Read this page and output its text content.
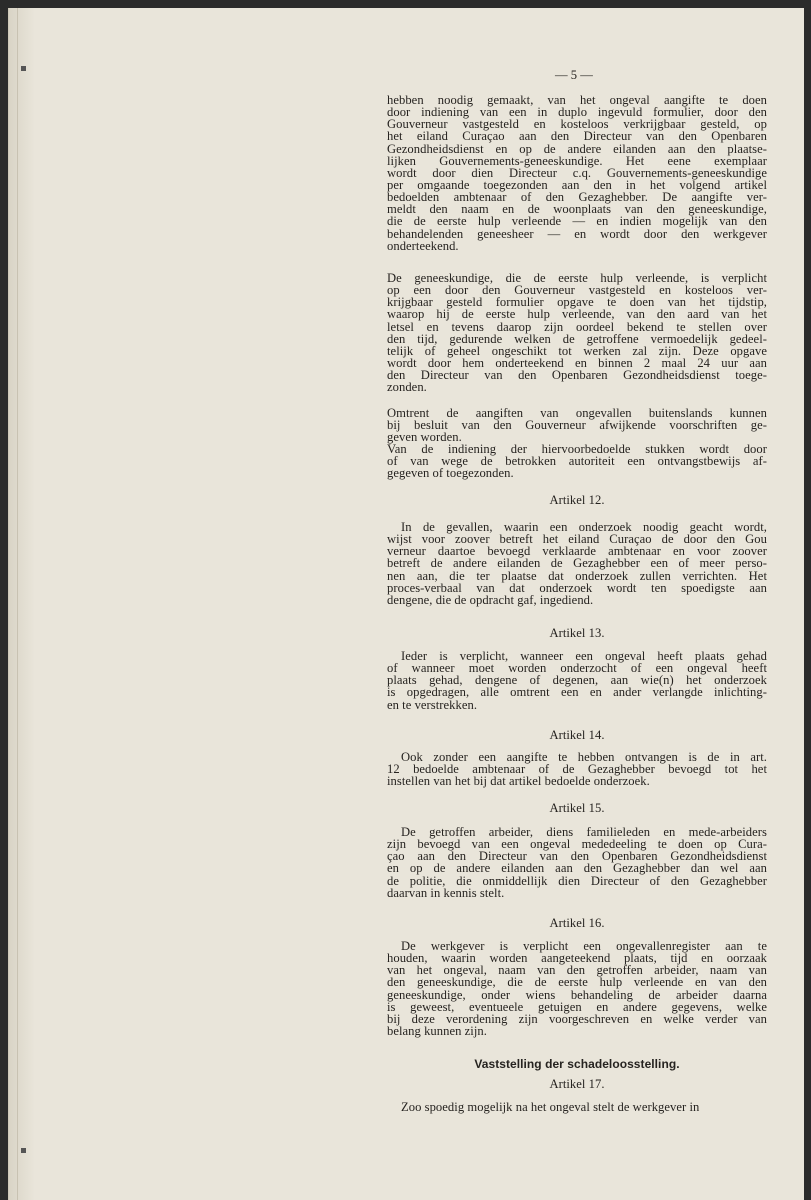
— 5 —
hebben noodig gemaakt, van het ongeval aangifte te doen
door indiening van een in duplo ingevuld formulier, door den
Gouverneur vastgesteld en kosteloos verkrijgbaar gesteld, op
het eiland Curaçao aan den Directeur van den Openbaren
Gezondheidsdienst en op de andere eilanden aan den plaatse-
lijken Gouvernements-geneeskundige. Het eene exemplaar
wordt door dien Directeur c.q. Gouvernements-geneeskundige
per omgaande toegezonden aan den in het volgend artikel
bedoelden ambtenaar of den Gezaghebber. De aangifte ver-
meldt den naam en de woonplaats van den geneeskundige,
die de eerste hulp verleende — en indien mogelijk van den
behandelenden geneesheer — en wordt door den werkgever
onderteekend.
De geneeskundige, die de eerste hulp verleende, is verplicht
op een door den Gouverneur vastgesteld en kosteloos ver-
krijgbaar gesteld formulier opgave te doen van het tijdstip,
waarop hij de eerste hulp verleende, van den aard van het
letsel en tevens daarop zijn oordeel bekend te stellen over
den tijd, gedurende welken de getroffene vermoedelijk gedeel-
telijk of geheel ongeschikt tot werken zal zijn. Deze opgave
wordt door hem onderteekend en binnen 2 maal 24 uur aan
den Directeur van den Openbaren Gezondheidsdienst toege-
zonden.
Omtrent de aangiften van ongevallen buitenslands kunnen
bij besluit van den Gouverneur afwijkende voorschriften ge-
geven worden.
Van de indiening der hiervoorbedoelde stukken wordt door
of van wege de betrokken autoriteit een ontvangstbewijs af-
gegeven of toegezonden.
Artikel 12.
In de gevallen, waarin een onderzoek noodig geacht wordt,
wijst voor zoover betreft het eiland Curaçao de door den Gou
verneur daartoe bevoegd verklaarde ambtenaar en voor zoover
betreft de andere eilanden de Gezaghebber een of meer perso-
nen aan, die ter plaatse dat onderzoek zullen verrichten. Het
proces-verbaal van dat onderzoek wordt ten spoedigste aan
dengene, die de opdracht gaf, ingediend.
Artikel 13.
Ieder is verplicht, wanneer een ongeval heeft plaats gehad
of wanneer moet worden onderzocht of een ongeval heeft
plaats gehad, dengene of degenen, aan wie(n) het onderzoek
is opgedragen, alle omtrent een en ander verlangde inlichting-
en te verstrekken.
Artikel 14.
Ook zonder een aangifte te hebben ontvangen is de in art.
12 bedoelde ambtenaar of de Gezaghebber bevoegd tot het
instellen van het bij dat artikel bedoelde onderzoek.
Artikel 15.
De getroffen arbeider, diens familieleden en mede-arbeiders
zijn bevoegd van een ongeval mededeeling te doen op Cura-
çao aan den Directeur van den Openbaren Gezondheidsdienst
en op de andere eilanden aan den Gezaghebber dan wel aan
de politie, die onmiddellijk dien Directeur of den Gezaghebber
daarvan in kennis stelt.
Artikel 16.
De werkgever is verplicht een ongevallenregister aan te
houden, waarin worden aangeteekend plaats, tijd en oorzaak
van het ongeval, naam van den getroffen arbeider, naam van
den geneeskundige, die de eerste hulp verleende en van den
geneeskundige, onder wiens behandeling de arbeider daarna
is geweest, eventueele getuigen en andere gegevens, welke
bij deze verordening zijn voorgeschreven en welke verder van
belang kunnen zijn.
Vaststelling der schadeloosstelling.
Artikel 17.
Zoo spoedig mogelijk na het ongeval stelt de werkgever in
